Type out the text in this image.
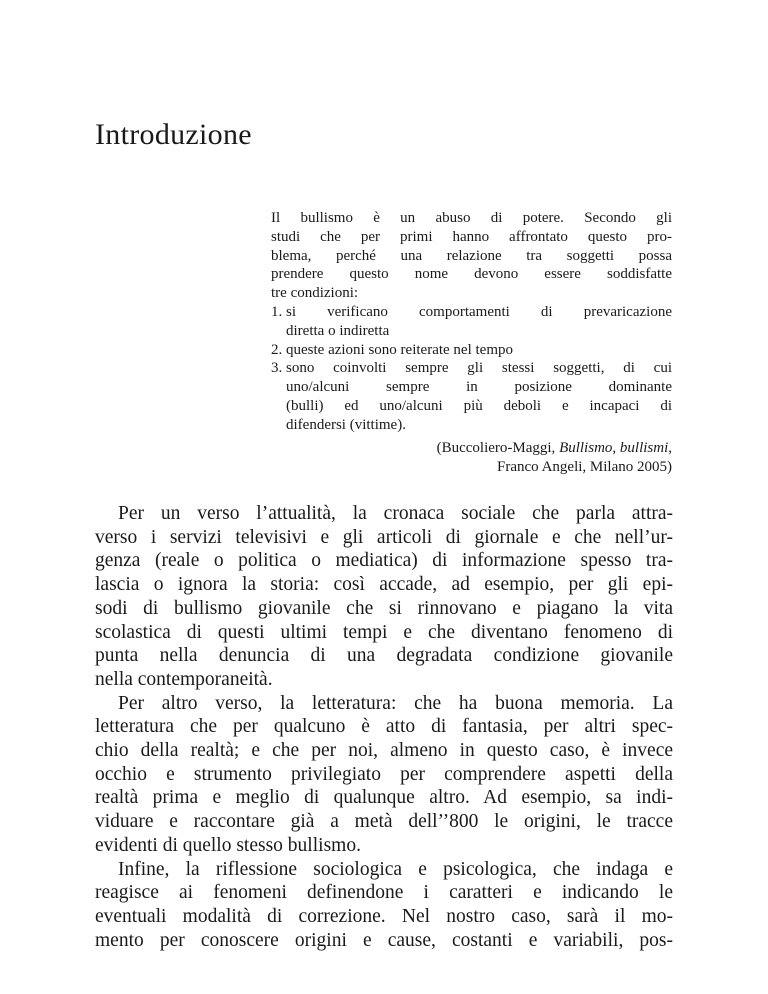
Introduzione
Il bullismo è un abuso di potere. Secondo gli
studi che per primi hanno affrontato questo pro-
blema, perché una relazione tra soggetti possa
prendere questo nome devono essere soddisfatte
tre condizioni:
1. si verificano comportamenti di prevaricazione
diretta o indiretta
2. queste azioni sono reiterate nel tempo
3. sono coinvolti sempre gli stessi soggetti, di cui
uno/alcuni sempre in posizione dominante
(bulli) ed uno/alcuni più deboli e incapaci di
difendersi (vittime).
(Buccoliero-Maggi, Bullismo, bullismi,
Franco Angeli, Milano 2005)
Per un verso l’attualità, la cronaca sociale che parla attra-
verso i servizi televisivi e gli articoli di giornale e che nell’ur-
genza (reale o politica o mediatica) di informazione spesso tra-
lascia o ignora la storia: così accade, ad esempio, per gli epi-
sodi di bullismo giovanile che si rinnovano e piagano la vita
scolastica di questi ultimi tempi e che diventano fenomeno di
punta nella denuncia di una degradata condizione giovanile
nella contemporaneità.
Per altro verso, la letteratura: che ha buona memoria. La
letteratura che per qualcuno è atto di fantasia, per altri spec-
chio della realtà; e che per noi, almeno in questo caso, è invece
occhio e strumento privilegiato per comprendere aspetti della
realtà prima e meglio di qualunque altro. Ad esempio, sa indi-
viduare e raccontare già a metà dell’’800 le origini, le tracce
evidenti di quello stesso bullismo.
Infine, la riflessione sociologica e psicologica, che indaga e
reagisce ai fenomeni definendone i caratteri e indicando le
eventuali modalità di correzione. Nel nostro caso, sarà il mo-
mento per conoscere origini e cause, costanti e variabili, pos-
